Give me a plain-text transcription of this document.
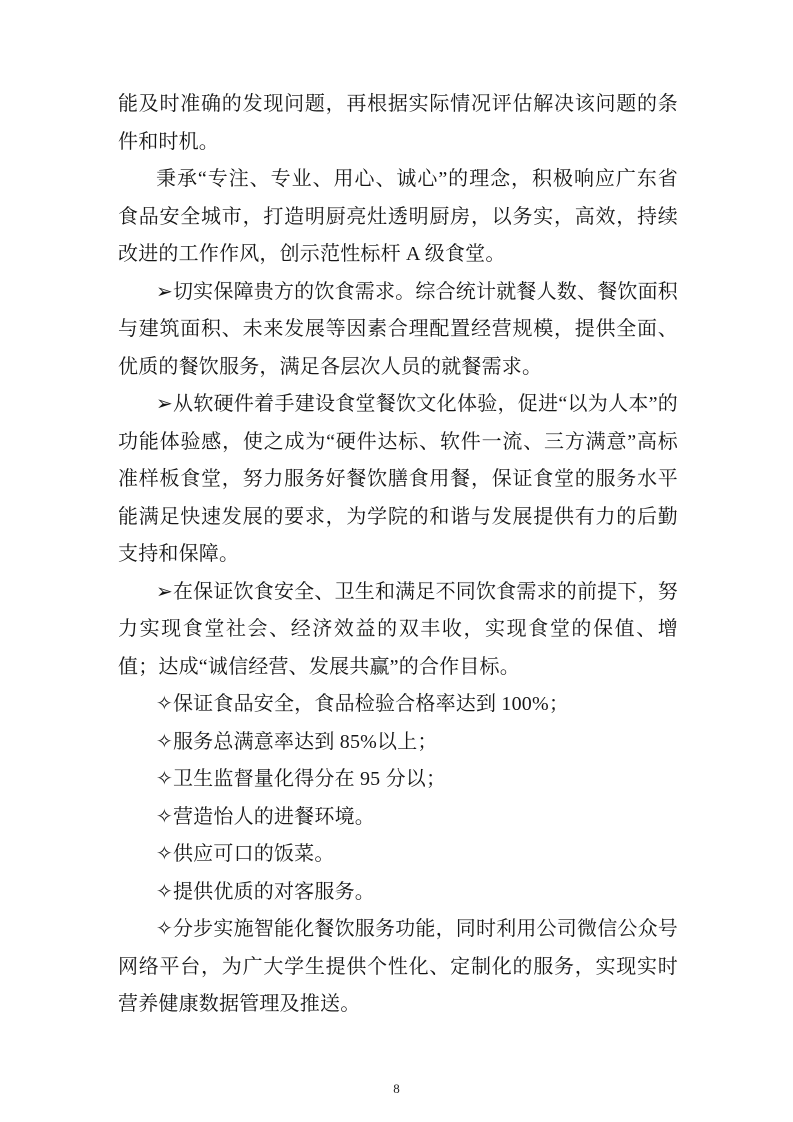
能及时准确的发现问题，再根据实际情况评估解决该问题的条件和时机。

秉承“专注、专业、用心、诚心”的理念，积极响应广东省食品安全城市，打造明厨亮灶透明厨房，以务实，高效，持续改进的工作作风，创示范性标杆 A 级食堂。

➢切实保障贵方的饮食需求。综合统计就餐人数、餐饮面积与建筑面积、未来发展等因素合理配置经营规模，提供全面、优质的餐饮服务，满足各层次人员的就餐需求。

➢从软硬件着手建设食堂餐饮文化体验，促进“以为人本”的功能体验感，使之成为“硬件达标、软件一流、三方满意”高标准样板食堂，努力服务好餐饮膳食用餐，保证食堂的服务水平能满足快速发展的要求，为学院的和谐与发展提供有力的后勤支持和保障。

➢在保证饮食安全、卫生和满足不同饮食需求的前提下，努力实现食堂社会、经济效益的双丰收，实现食堂的保值、增值；达成“诚信经营、发展共赢”的合作目标。

✧保证食品安全，食品检验合格率达到 100%；

✧服务总满意率达到 85%以上；

✧卫生监督量化得分在 95 分以；

✧营造怡人的进餐环境。

✧供应可口的饭菜。

✧提供优质的对客服务。

✧分步实施智能化餐饮服务功能，同时利用公司微信公众号网络平台，为广大学生提供个性化、定制化的服务，实现实时营养健康数据管理及推送。

8
